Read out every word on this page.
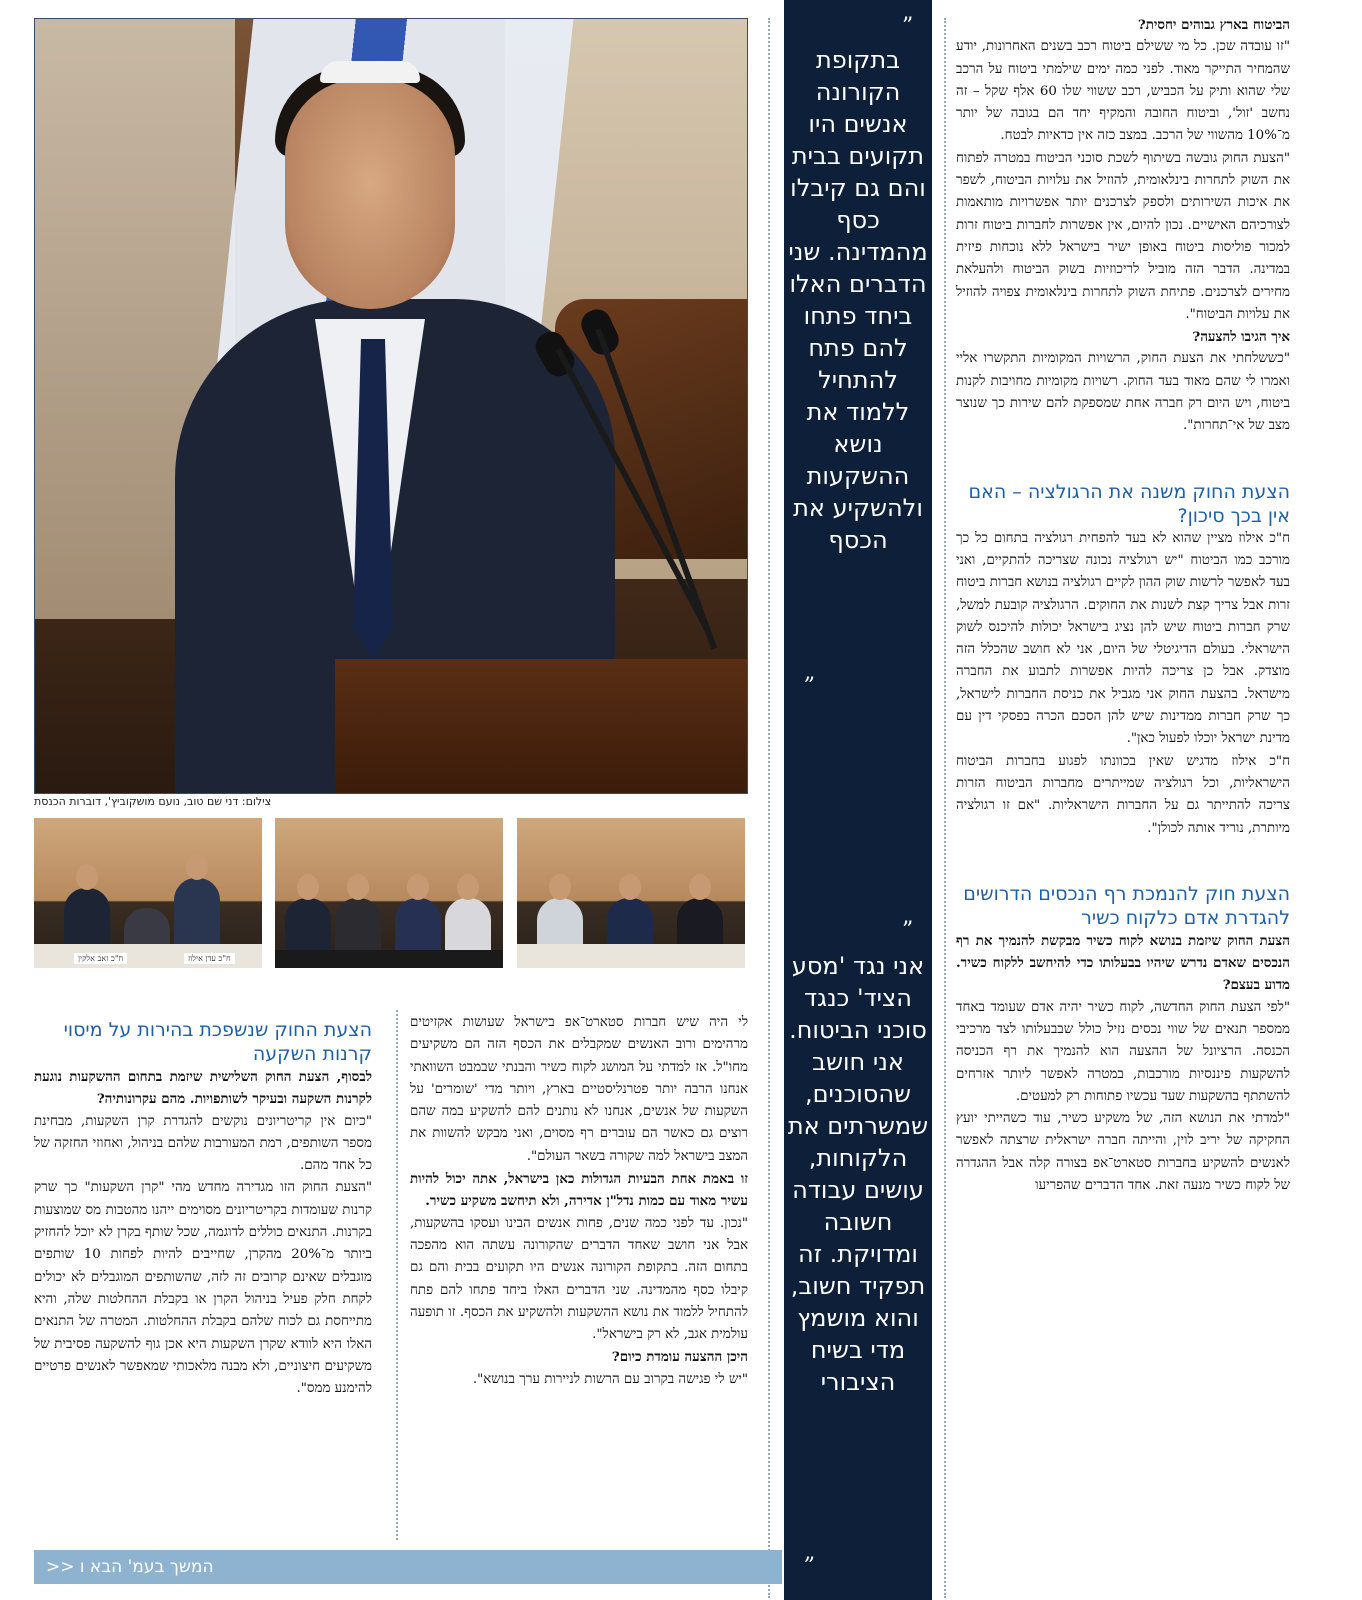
צילום: דני שם טוב, נועם מושקוביץ', דוברות הכנסת
ח"כ עדן אילוז
ח"כ זאב אלקין
”
בתקופת הקורונה אנשים היו תקועים בבית והם גם קיבלו כסף מהמדינה. שני הדברים האלו ביחד פתחו להם פתח להתחיל ללמוד את נושא ההשקעות ולהשקיע את הכסף
„
”
אני נגד 'מסע הציד' כנגד סוכני הביטוח. אני חושב שהסוכנים, שמשרתים את הלקוחות, עושים עבודה חשובה ומדויקת. זה תפקיד חשוב, והוא מושמץ מדי בשיח הציבורי
„

הביטוח בארץ גבוהים יחסית?

"זו עובדה שכן. כל מי ששילם ביטוח רכב בשנים האחרונות, יודע שהמחיר התייקר מאוד. לפני כמה ימים שילמתי ביטוח על הרכב שלי שהוא ותיק על הכביש, רכב ששווי שלו 60 אלף שקל – זה נחשב 'זול', וביטוח החובה והמקיף יחד הם בגובה של יותר מ־10% מהשווי של הרכב. במצב כזה אין כדאיות לבטח.

"הצעת החוק גובשה בשיתוף לשכת סוכני הביטוח במטרה לפתוח את השוק לתחרות בינלאומית, להוזיל את עלויות הביטוח, לשפר את איכות השירותים ולספק לצרכנים יותר אפשרויות מותאמות לצורכיהם האישיים. נכון להיום, אין אפשרות לחברות ביטוח זרות למכור פוליסות ביטוח באופן ישיר בישראל ללא נוכחות פיזית במדינה. הדבר הזה מוביל לריכוזיות בשוק הביטוח ולהעלאת מחירים לצרכנים. פתיחת השוק לתחרות בינלאומית צפויה להוזיל את עלויות הביטוח".

איך הגיבו להצעה?

"כששלחתי את הצעת החוק, הרשויות המקומיות התקשרו אליי ואמרו לי שהם מאוד בעד החוק. רשויות מקומיות מחויבות לקנות ביטוח, ויש היום רק חברה אחת שמספקת להם שירות כך שנוצר מצב של אי־תחרות".

הצעת החוק משנה את הרגולציה – האם אין בכך סיכון?

ח"כ אילוז מציין שהוא לא בעד להפחית רגולציה בתחום כל כך מורכב כמו הביטוח "יש רגולציה נכונה שצריכה להתקיים, ואני בעד לאפשר לרשות שוק ההון לקיים רגולציה בנושא חברות ביטוח זרות אבל צריך קצת לשנות את החוקים. הרגולציה קובעת למשל, שרק חברות ביטוח שיש להן נציג בישראל יכולות להיכנס לשוק הישראלי. בעולם הדיגיטלי של היום, אני לא חושב שהכלל הזה מוצדק. אבל כן צריכה להיות אפשרות לתבוע את החברה מישראל. בהצעת החוק אני מגביל את כניסת החברות לישראל, כך שרק חברות ממדינות שיש להן הסכם הכרה בפסקי דין עם מדינת ישראל יוכלו לפעול כאן".

ח"כ אילוז מדגיש שאין בכוונתו לפגוע בחברות הביטוח הישראליות, וכל רגולציה שמייתרים מחברות הביטוח הזרות צריכה להתייתר גם על החברות הישראליות. "אם זו רגולציה מיותרת, נוריד אותה לכולן".

הצעת חוק להנמכת רף הנכסים הדרושים להגדרת אדם כלקוח כשיר

הצעת החוק שיזמת בנושא לקוח כשיר מבקשת להנמיך את רף הנכסים שאדם נדרש שיהיו בבעלותו כדי להיחשב ללקוח כשיר. מדוע בעצם?

"לפי הצעת החוק החדשה, לקוח כשיר יהיה אדם שעומד באחד ממספר תנאים של שווי נכסים נזיל כולל שבבעלותו לצד מרכיבי הכנסה. הרציונל של ההצעה הוא להנמיך את רף הכניסה להשקעות פיננסיות מורכבות, במטרה לאפשר ליותר אזרחים להשתתף בהשקעות שעד עכשיו פתוחות רק למעטים.

"למדתי את הנושא הזה, של משקיע כשיר, עוד כשהייתי יועץ החקיקה של יריב לוין, והייתה חברה ישראלית שרצתה לאפשר לאנשים להשקיע בחברות סטארט־אפ בצורה קלה אבל ההגדרה של לקוח כשיר מנעה זאת. אחד הדברים שהפריעו

לי היה שיש חברות סטארט־אפ בישראל שעושות אקזיטים מרהימים ורוב האנשים שמקבלים את הכסף הזה הם משקיעים מחו"ל. אז למדתי על המושג לקוח כשיר והבנתי שבמבט השוואתי אנחנו הרבה יותר פטרנליסטיים בארץ, ויותר מדי 'שומרים' על השקעות של אנשים, אנחנו לא נותנים להם להשקיע במה שהם רוצים גם כאשר הם עוברים רף מסוים, ואני מבקש להשוות את המצב בישראל למה שקורה בשאר העולם".

זו באמת אחת הבעיות הגדולות כאן בישראל, אתה יכול להיות עשיר מאוד עם כמות נדל"ן אדירה, ולא תיחשב משקיע כשיר.

"נכון. עד לפני כמה שנים, פחות אנשים הבינו ועסקו בהשקעות, אבל אני חושב שאחד הדברים שהקורונה עשתה הוא מהפכה בתחום הזה. בתקופת הקורונה אנשים היו תקועים בבית והם גם קיבלו כסף מהמדינה. שני הדברים האלו ביחד פתחו להם פתח להתחיל ללמוד את נושא ההשקעות ולהשקיע את הכסף. זו תופעה עולמית אגב, לא רק בישראל".

היכן ההצעה עומדת כיום?

"יש לי פגישה בקרוב עם הרשות לניירות ערך בנושא".

הצעת החוק שנשפכת בהירות על מיסוי קרנות השקעה

לבסוף, הצעת החוק השלישית שיזמת בתחום ההשקעות נוגעת לקרנות השקעה ובעיקר לשותפויות. מהם עקרונותיה?

"כיום אין קריטריונים נוקשים להגדרת קרן השקעות, מבחינת מספר השותפים, רמת המעורבות שלהם בניהול, ואחוזי החזקה של כל אחד מהם.

"הצעת החוק הזו מגדירה מחדש מהי "קרן השקעות" כך שרק קרנות שעומדות בקריטריונים מסוימים ייהנו מהטבות מס שמוצעות בקרנות. התנאים כוללים לדוגמה, שכל שותף בקרן לא יוכל להחזיק ביותר מ־20% מהקרן, שחייבים להיות לפחות 10 שותפים מוגבלים שאינם קרובים זה לזה, שהשותפים המוגבלים לא יכולים לקחת חלק פעיל בניהול הקרן או בקבלת ההחלטות שלה, והיא מתייחסת גם לכוח שלהם בקבלת ההחלטות. המטרה של התנאים האלו היא לוודא שקרן השקעות היא אכן גוף להשקעה פסיבית של משקיעים חיצוניים, ולא מבנה מלאכותי שמאפשר לאנשים פרטיים להימנע ממס".

המשך בעמ' הבא ו <<
